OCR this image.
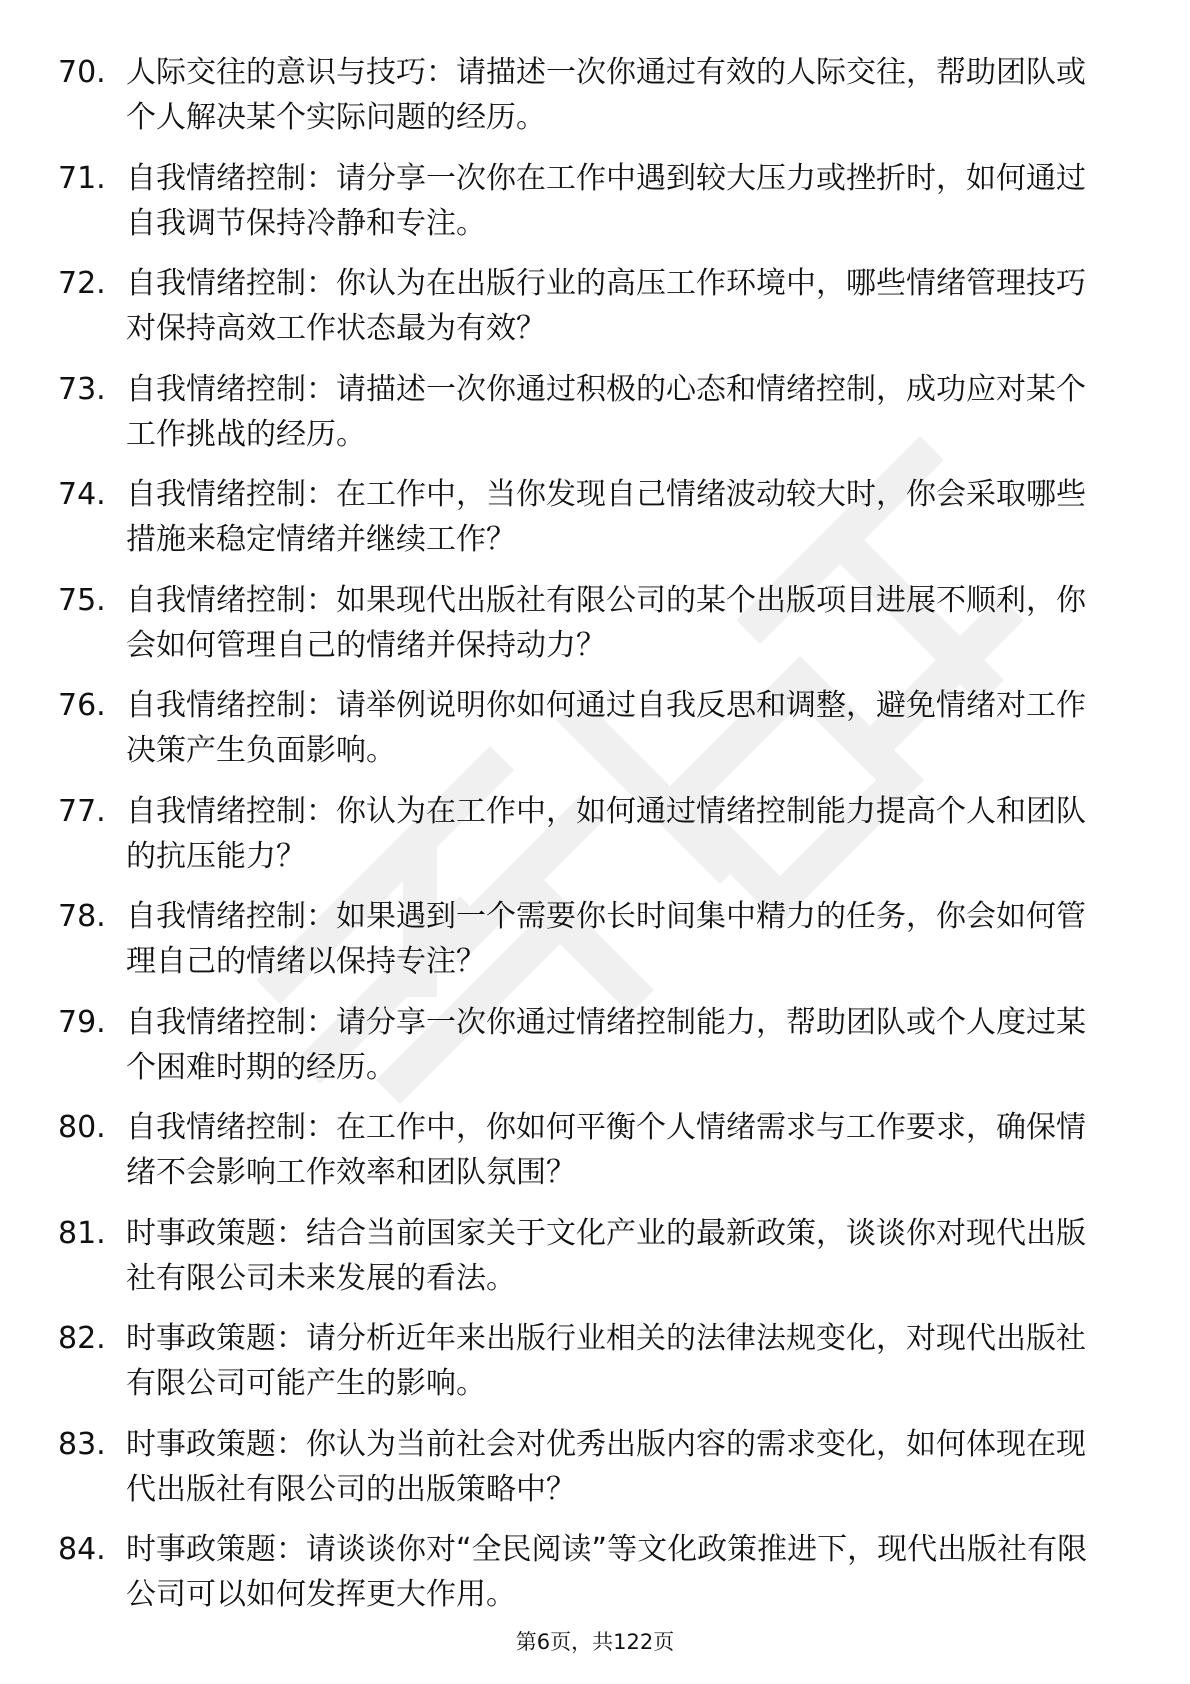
70. 人际交往的意识与技巧：请描述一次你通过有效的人际交往，帮助团队或个人解决某个实际问题的经历。
71. 自我情绪控制：请分享一次你在工作中遇到较大压力或挫折时，如何通过自我调节保持冷静和专注。
72. 自我情绪控制：你认为在出版行业的高压工作环境中，哪些情绪管理技巧对保持高效工作状态最为有效？
73. 自我情绪控制：请描述一次你通过积极的心态和情绪控制，成功应对某个工作挑战的经历。
74. 自我情绪控制：在工作中，当你发现自己情绪波动较大时，你会采取哪些措施来稳定情绪并继续工作？
75. 自我情绪控制：如果现代出版社有限公司的某个出版项目进展不顺利，你会如何管理自己的情绪并保持动力？
76. 自我情绪控制：请举例说明你如何通过自我反思和调整，避免情绪对工作决策产生负面影响。
77. 自我情绪控制：你认为在工作中，如何通过情绪控制能力提高个人和团队的抗压能力？
78. 自我情绪控制：如果遇到一个需要你长时间集中精力的任务，你会如何管理自己的情绪以保持专注？
79. 自我情绪控制：请分享一次你通过情绪控制能力，帮助团队或个人度过某个困难时期的经历。
80. 自我情绪控制：在工作中，你如何平衡个人情绪需求与工作要求，确保情绪不会影响工作效率和团队氛围？
81. 时事政策题：结合当前国家关于文化产业的最新政策，谈谈你对现代出版社有限公司未来发展的看法。
82. 时事政策题：请分析近年来出版行业相关的法律法规变化，对现代出版社有限公司可能产生的影响。
83. 时事政策题：你认为当前社会对优秀出版内容的需求变化，如何体现在现代出版社有限公司的出版策略中？
84. 时事政策题：请谈谈你对“全民阅读”等文化政策推进下，现代出版社有限公司可以如何发挥更大作用。
第6页，共122页
